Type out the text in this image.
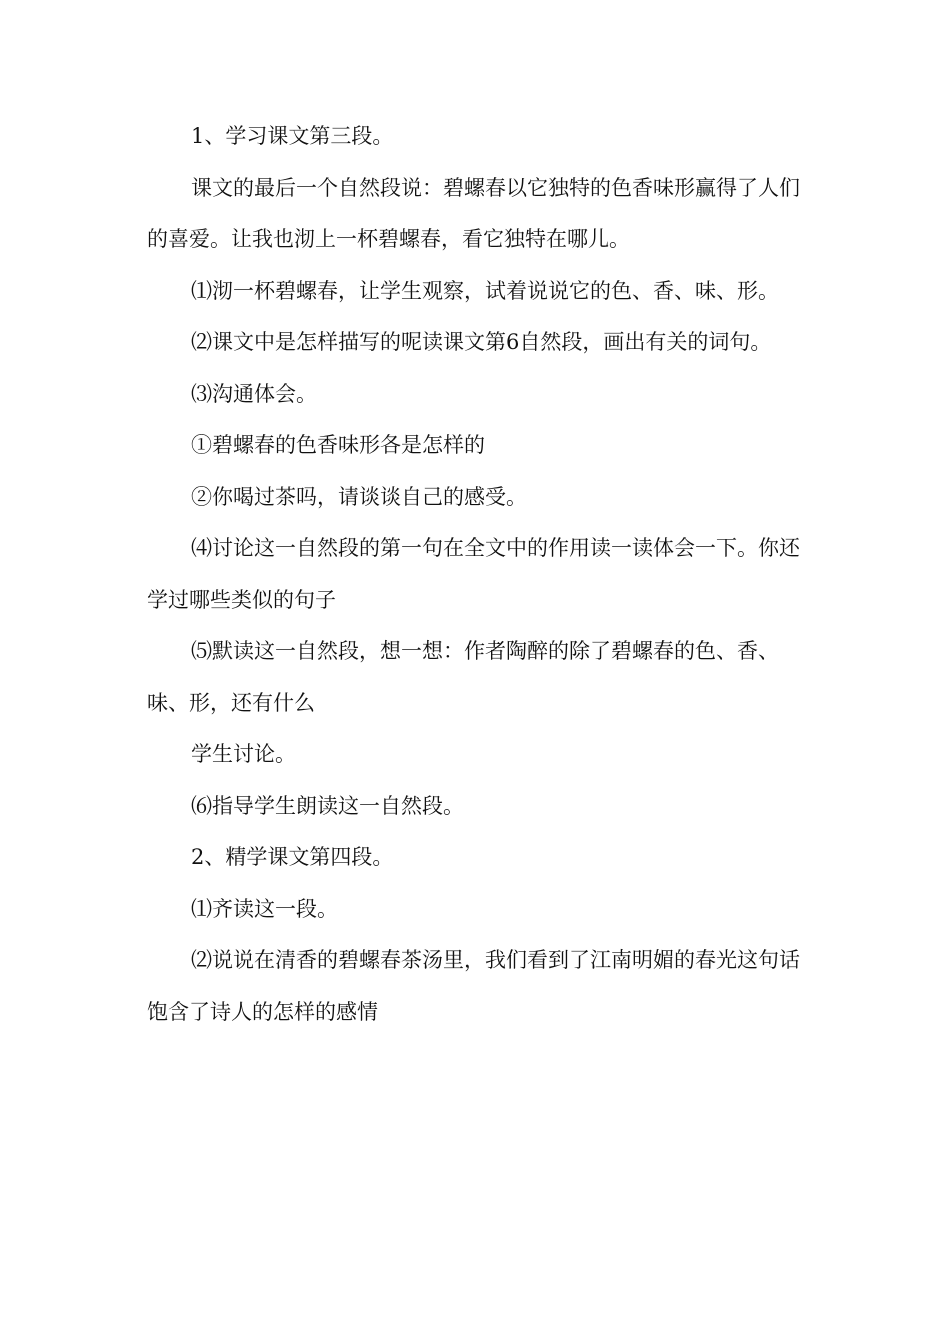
1、学习课文第三段。

课文的最后一个自然段说：碧螺春以它独特的色香味形赢得了人们的喜爱。让我也沏上一杯碧螺春，看它独特在哪儿。

⑴沏一杯碧螺春，让学生观察，试着说说它的色、香、味、形。

⑵课文中是怎样描写的呢读课文第6自然段，画出有关的词句。

⑶沟通体会。

①碧螺春的色香味形各是怎样的

②你喝过茶吗，请谈谈自己的感受。

⑷讨论这一自然段的第一句在全文中的作用读一读体会一下。你还学过哪些类似的句子

⑸默读这一自然段，想一想：作者陶醉的除了碧螺春的色、香、味、形，还有什么

学生讨论。

⑹指导学生朗读这一自然段。

2、精学课文第四段。

⑴齐读这一段。

⑵说说在清香的碧螺春茶汤里，我们看到了江南明媚的春光这句话饱含了诗人的怎样的感情
